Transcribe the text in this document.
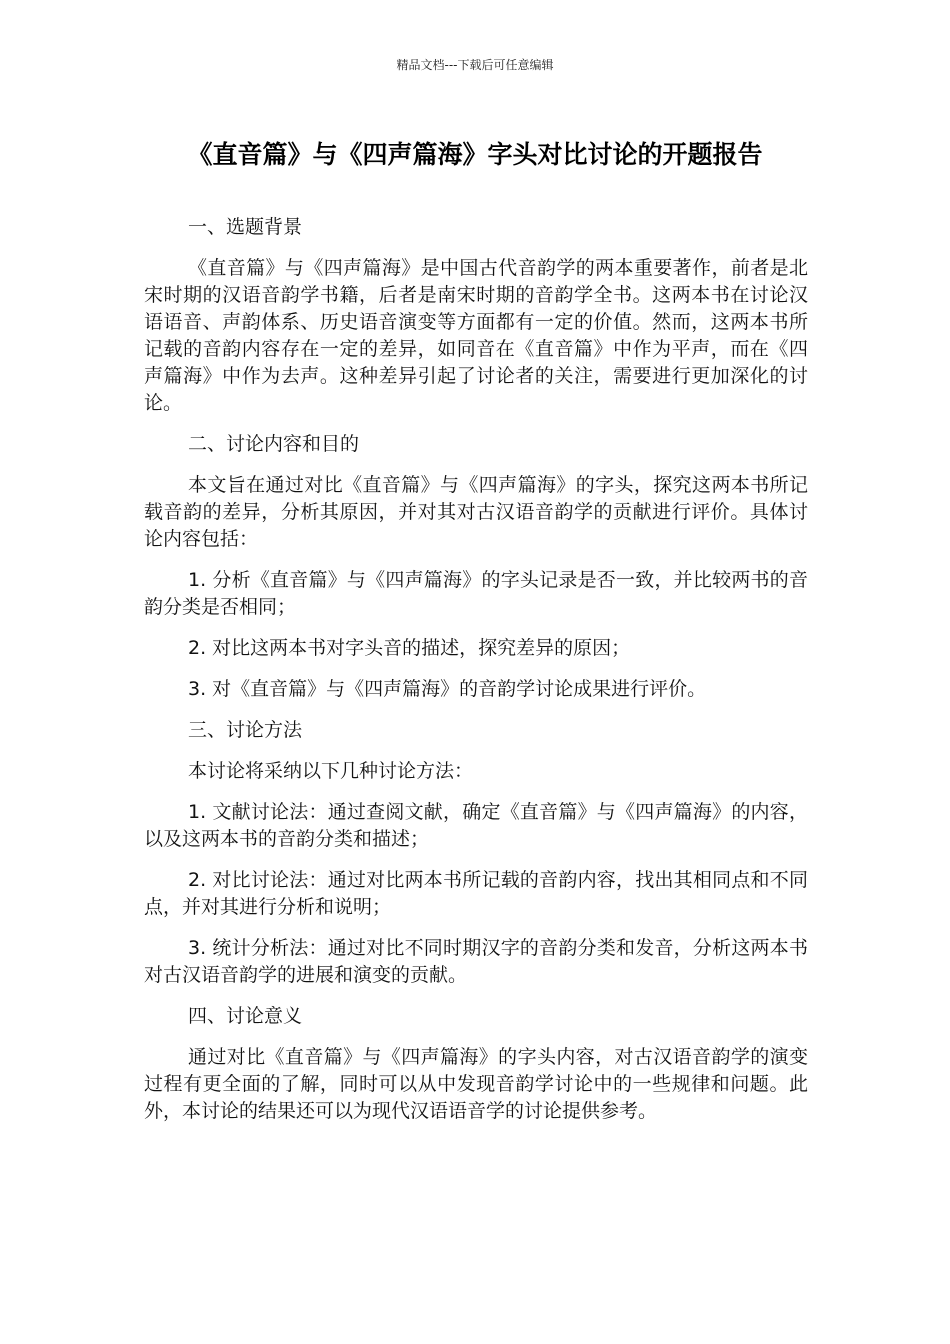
精品文档---下载后可任意编辑
《直音篇》与《四声篇海》字头对比讨论的开题报告

一、选题背景

《直音篇》与《四声篇海》是中国古代音韵学的两本重要著作，前者是北宋时期的汉语音韵学书籍，后者是南宋时期的音韵学全书。这两本书在讨论汉语语音、声韵体系、历史语音演变等方面都有一定的价值。然而，这两本书所记载的音韵内容存在一定的差异，如同音在《直音篇》中作为平声，而在《四声篇海》中作为去声。这种差异引起了讨论者的关注，需要进行更加深化的讨论。

二、讨论内容和目的

本文旨在通过对比《直音篇》与《四声篇海》的字头，探究这两本书所记载音韵的差异，分析其原因，并对其对古汉语音韵学的贡献进行评价。具体讨论内容包括：

1. 分析《直音篇》与《四声篇海》的字头记录是否一致，并比较两书的音韵分类是否相同；

2. 对比这两本书对字头音的描述，探究差异的原因；

3. 对《直音篇》与《四声篇海》的音韵学讨论成果进行评价。

三、讨论方法

本讨论将采纳以下几种讨论方法：

1. 文献讨论法：通过查阅文献，确定《直音篇》与《四声篇海》的内容，以及这两本书的音韵分类和描述；

2. 对比讨论法：通过对比两本书所记载的音韵内容，找出其相同点和不同点，并对其进行分析和说明；

3. 统计分析法：通过对比不同时期汉字的音韵分类和发音，分析这两本书对古汉语音韵学的进展和演变的贡献。

四、讨论意义

通过对比《直音篇》与《四声篇海》的字头内容，对古汉语音韵学的演变过程有更全面的了解，同时可以从中发现音韵学讨论中的一些规律和问题。此外，本讨论的结果还可以为现代汉语语音学的讨论提供参考。
